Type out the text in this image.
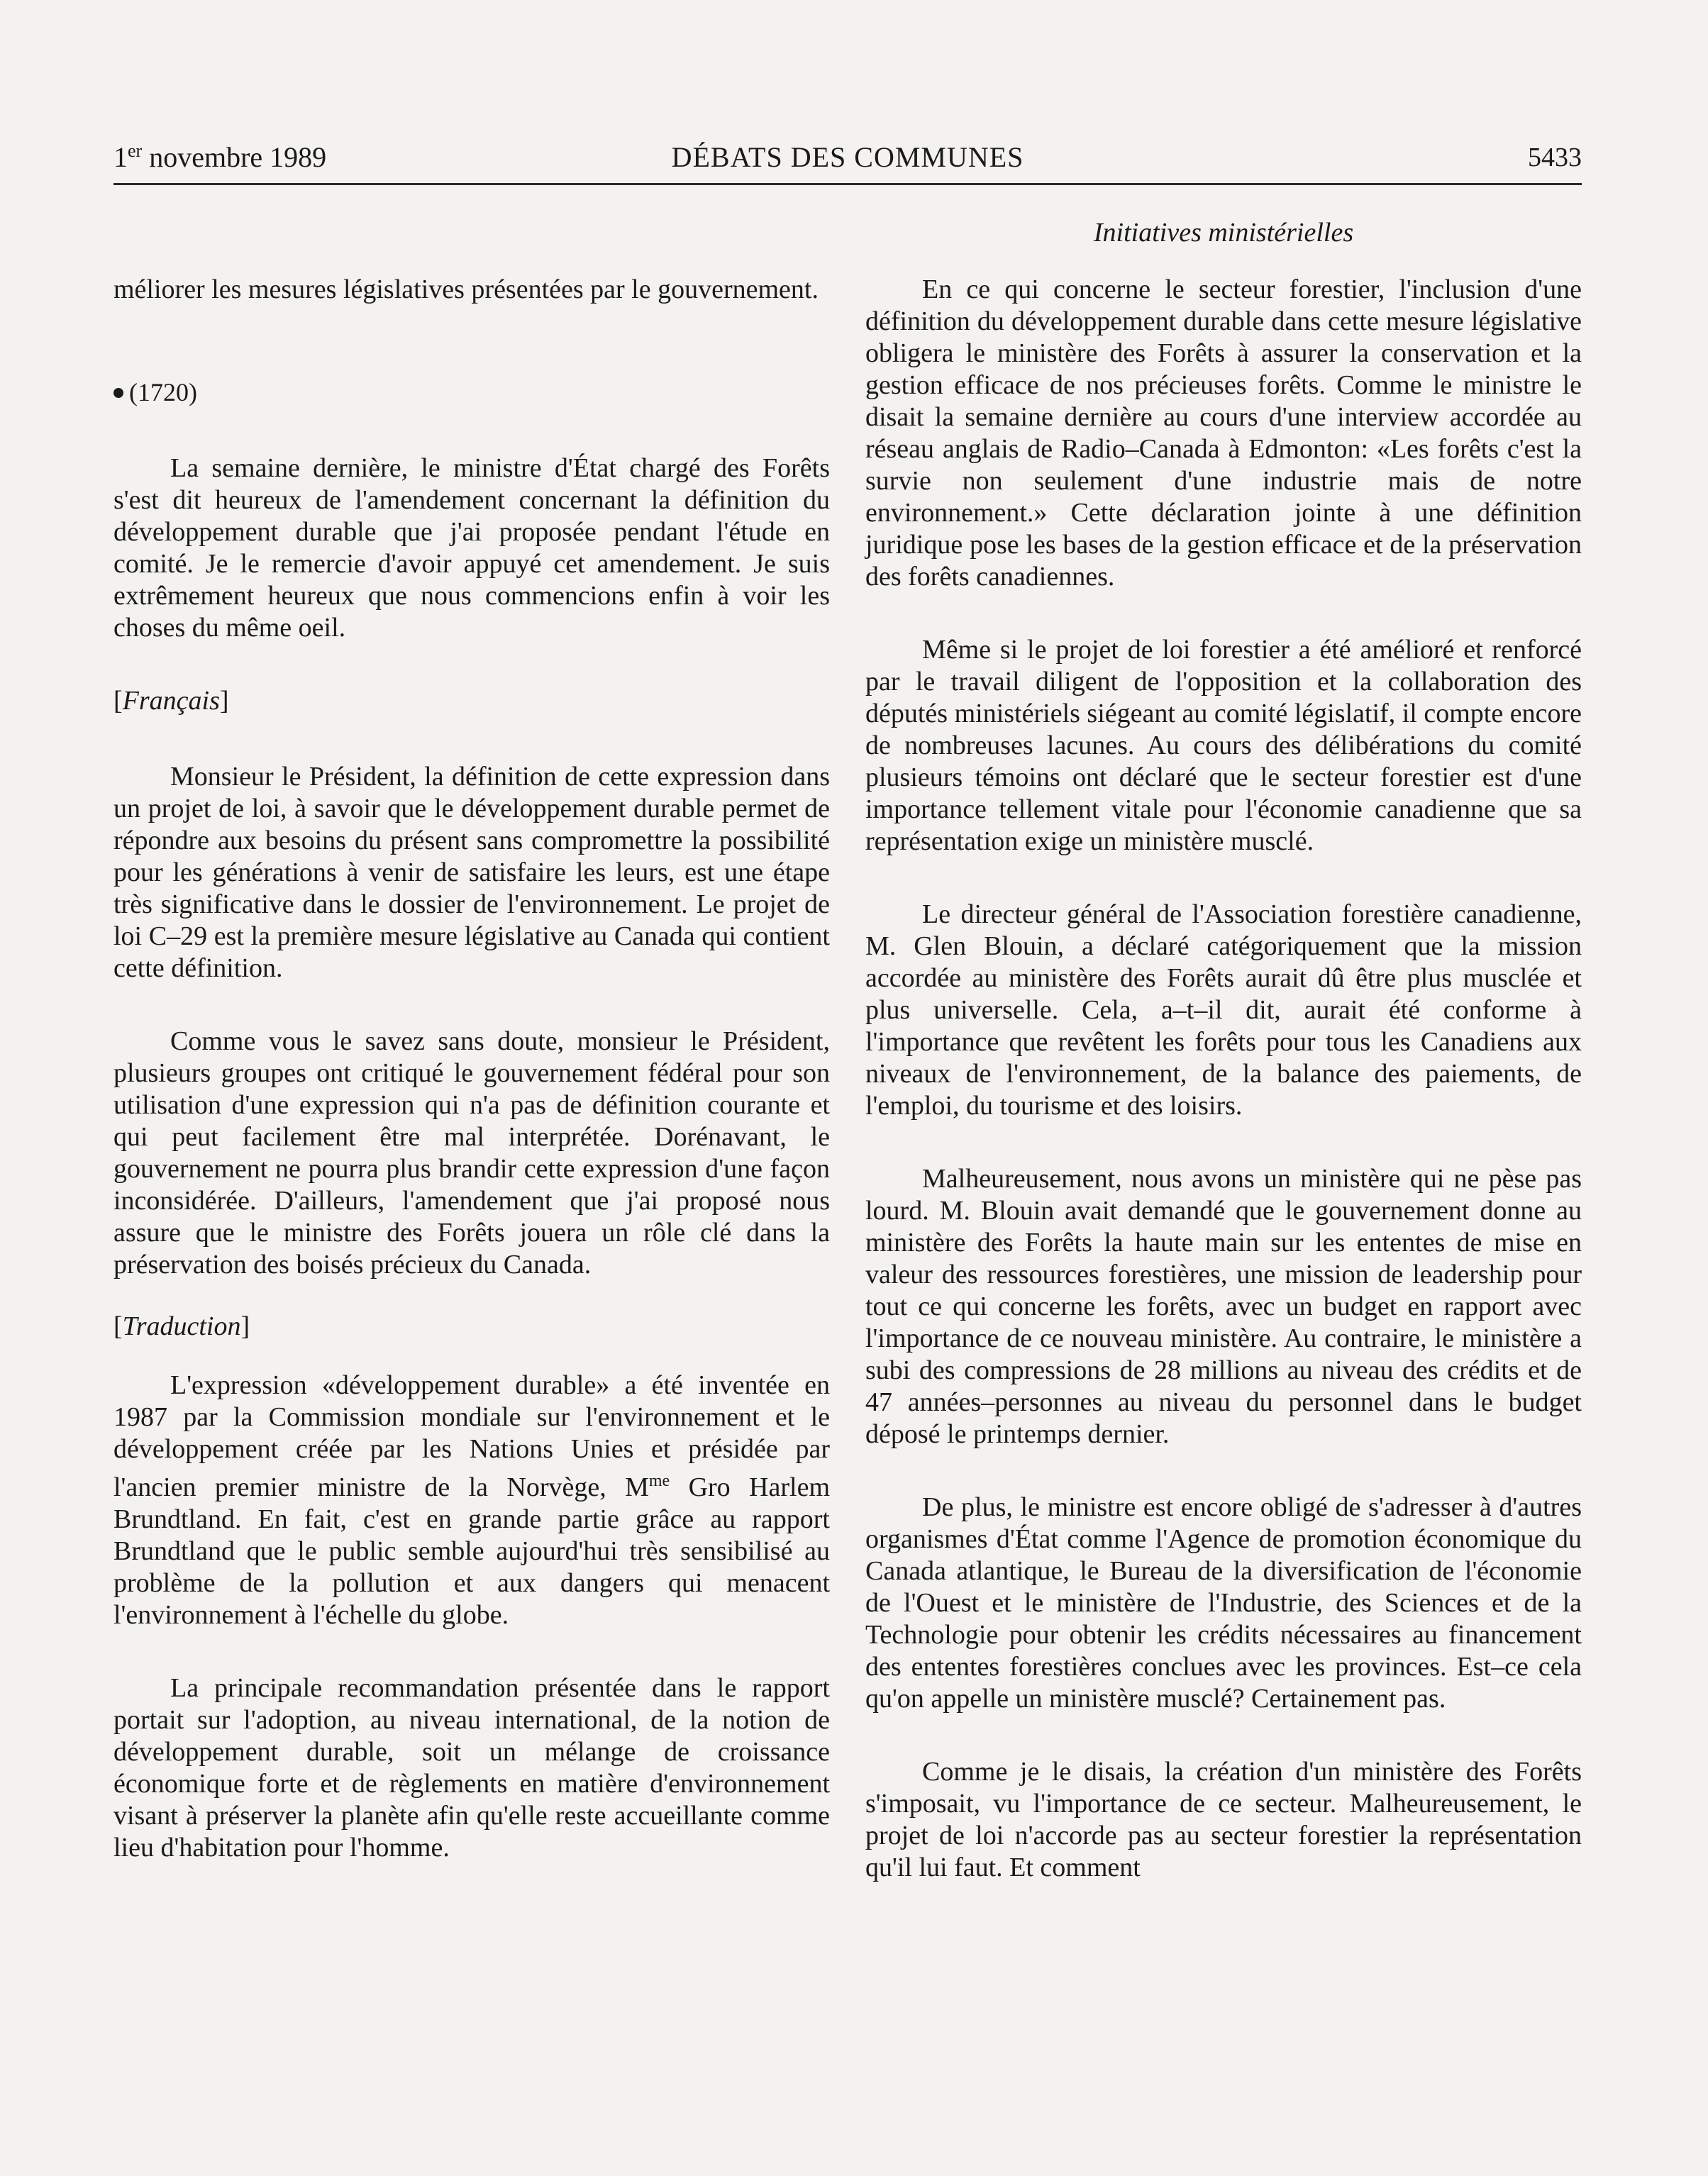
1er novembre 1989	DÉBATS DES COMMUNES	5433
Initiatives ministérielles

méliorer les mesures législatives présentées par le gouvernement.

(1720)

La semaine dernière, le ministre d'État chargé des Forêts s'est dit heureux de l'amendement concernant la définition du développement durable que j'ai proposée pendant l'étude en comité. Je le remercie d'avoir appuyé cet amendement. Je suis extrêmement heureux que nous commencions enfin à voir les choses du même oeil.

[Français]

Monsieur le Président, la définition de cette expression dans un projet de loi, à savoir que le développement durable permet de répondre aux besoins du présent sans compromettre la possibilité pour les générations à venir de satisfaire les leurs, est une étape très significative dans le dossier de l'environnement. Le projet de loi C–29 est la première mesure législative au Canada qui contient cette définition.

Comme vous le savez sans doute, monsieur le Président, plusieurs groupes ont critiqué le gouvernement fédéral pour son utilisation d'une expression qui n'a pas de définition courante et qui peut facilement être mal interprétée. Dorénavant, le gouvernement ne pourra plus brandir cette expression d'une façon inconsidérée. D'ailleurs, l'amendement que j'ai proposé nous assure que le ministre des Forêts jouera un rôle clé dans la préservation des boisés précieux du Canada.

[Traduction]

L'expression «développement durable» a été inventée en 1987 par la Commission mondiale sur l'environnement et le développement créée par les Nations Unies et présidée par l'ancien premier ministre de la Norvège, $M^{me}$ Gro Harlem Brundtland. En fait, c'est en grande partie grâce au rapport Brundtland que le public semble aujourd'hui très sensibilisé au problème de la pollution et aux dangers qui menacent l'environnement à l'échelle du globe.

La principale recommandation présentée dans le rapport portait sur l'adoption, au niveau international, de la notion de développement durable, soit un mélange de croissance économique forte et de règlements en matière d'environnement visant à préserver la planète afin qu'elle reste accueillante comme lieu d'habitation pour l'homme.

En ce qui concerne le secteur forestier, l'inclusion d'une définition du développement durable dans cette mesure législative obligera le ministère des Forêts à assurer la conservation et la gestion efficace de nos précieuses forêts. Comme le ministre le disait la semaine dernière au cours d'une interview accordée au réseau anglais de Radio–Canada à Edmonton: «Les forêts c'est la survie non seulement d'une industrie mais de notre environnement.» Cette déclaration jointe à une définition juridique pose les bases de la gestion efficace et de la préservation des forêts canadiennes.

Même si le projet de loi forestier a été amélioré et renforcé par le travail diligent de l'opposition et la collaboration des députés ministériels siégeant au comité législatif, il compte encore de nombreuses lacunes. Au cours des délibérations du comité plusieurs témoins ont déclaré que le secteur forestier est d'une importance tellement vitale pour l'économie canadienne que sa représentation exige un ministère musclé.

Le directeur général de l'Association forestière canadienne, M. Glen Blouin, a déclaré catégoriquement que la mission accordée au ministère des Forêts aurait dû être plus musclée et plus universelle. Cela, a–t–il dit, aurait été conforme à l'importance que revêtent les forêts pour tous les Canadiens aux niveaux de l'environnement, de la balance des paiements, de l'emploi, du tourisme et des loisirs.

Malheureusement, nous avons un ministère qui ne pèse pas lourd. M. Blouin avait demandé que le gouvernement donne au ministère des Forêts la haute main sur les ententes de mise en valeur des ressources forestières, une mission de leadership pour tout ce qui concerne les forêts, avec un budget en rapport avec l'importance de ce nouveau ministère. Au contraire, le ministère a subi des compressions de 28 millions au niveau des crédits et de 47 années–personnes au niveau du personnel dans le budget déposé le printemps dernier.

De plus, le ministre est encore obligé de s'adresser à d'autres organismes d'État comme l'Agence de promotion économique du Canada atlantique, le Bureau de la diversification de l'économie de l'Ouest et le ministère de l'Industrie, des Sciences et de la Technologie pour obtenir les crédits nécessaires au financement des ententes forestières conclues avec les provinces. Est–ce cela qu'on appelle un ministère musclé? Certainement pas.

Comme je le disais, la création d'un ministère des Forêts s'imposait, vu l'importance de ce secteur. Malheureusement, le projet de loi n'accorde pas au secteur forestier la représentation qu'il lui faut. Et comment
